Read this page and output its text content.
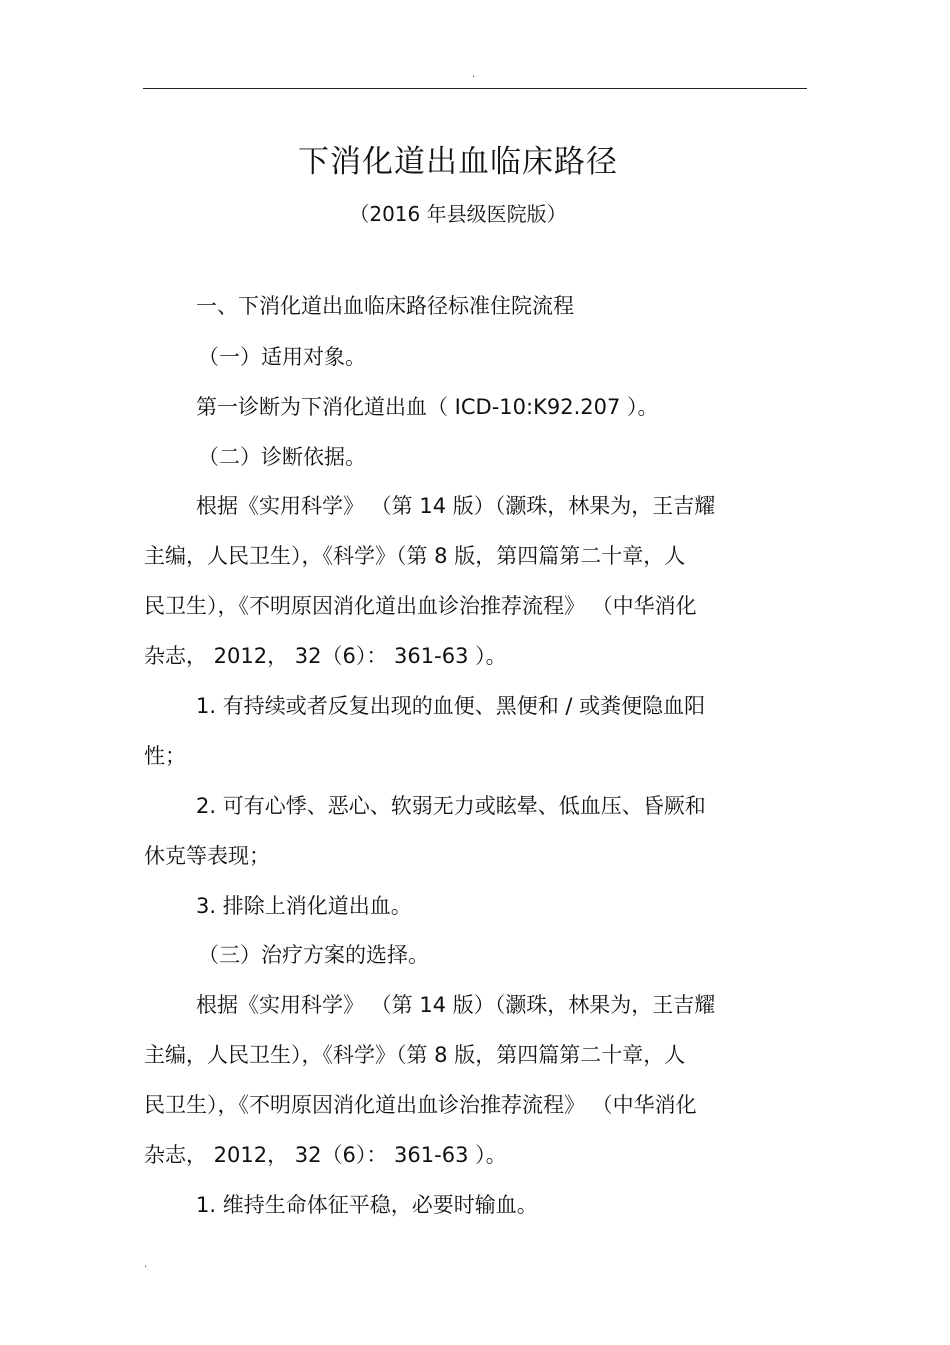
.
下消化道出血临床路径
（2016 年县级医院版）
一、下消化道出血临床路径标准住院流程
（一）适用对象。
第一诊断为下消化道出血（ ICD-10:K92.207 ）。
（二）诊断依据。
根据《实用科学》 （第 14 版）（灏珠，林果为，王吉耀
主编，人民卫生），《科学》（第 8 版，第四篇第二十章，人
民卫生），《不明原因消化道出血诊治推荐流程》 （中华消化
杂志， 2012， 32（6）： 361-63 ）。
1. 有持续或者反复出现的血便、黑便和 / 或粪便隐血阳
性；
2. 可有心悸、恶心、软弱无力或眩晕、低血压、昏厥和
休克等表现；
3. 排除上消化道出血。
（三）治疗方案的选择。
根据《实用科学》 （第 14 版）（灏珠，林果为，王吉耀
主编，人民卫生），《科学》（第 8 版，第四篇第二十章，人
民卫生），《不明原因消化道出血诊治推荐流程》 （中华消化
杂志， 2012， 32（6）： 361-63 ）。
1. 维持生命体征平稳，必要时输血。
.
